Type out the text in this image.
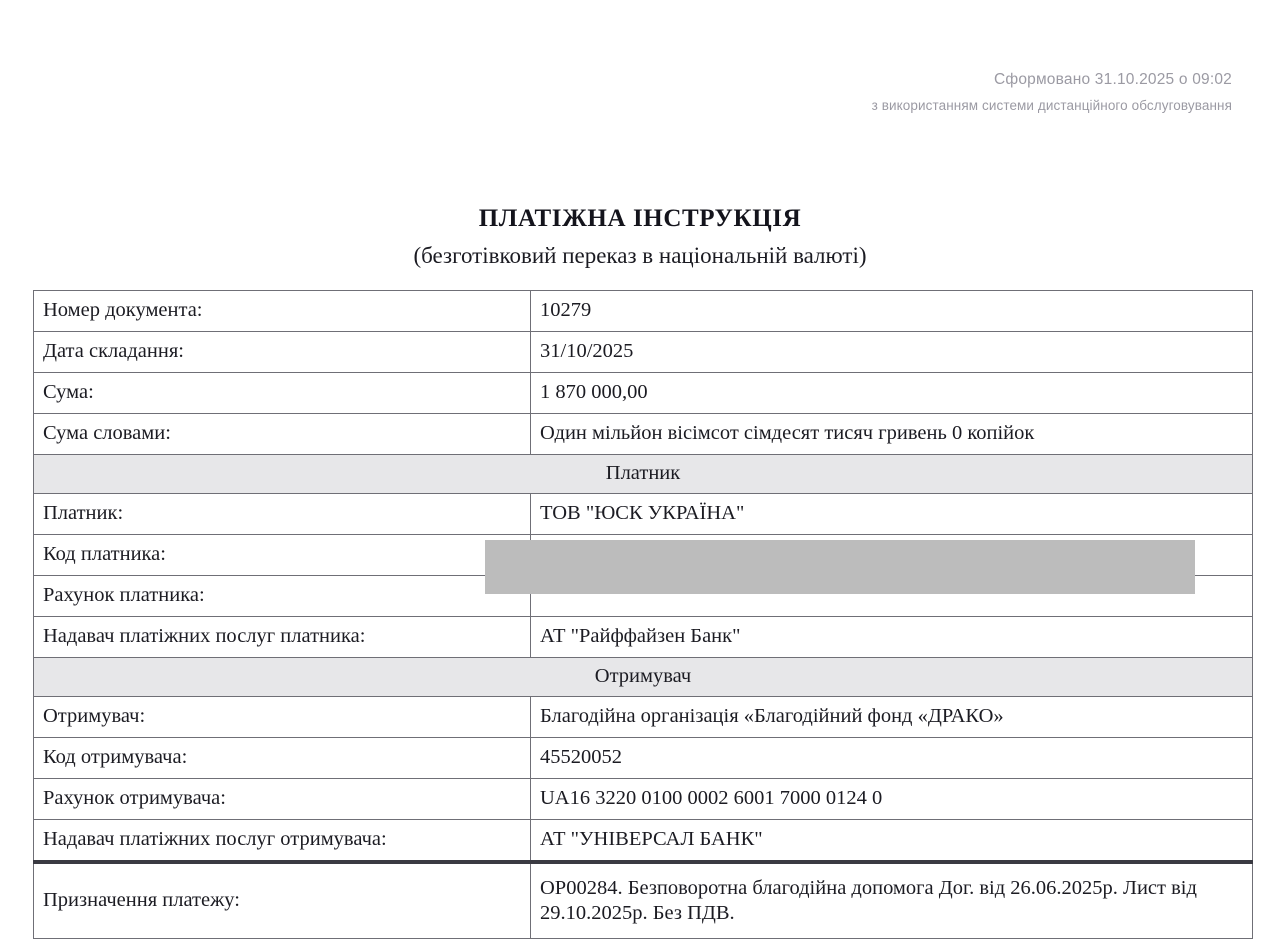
Сформовано 31.10.2025 о 09:02
з використанням системи дистанційного обслуговування
ПЛАТІЖНА ІНСТРУКЦІЯ
(безготівковий переказ в національній валюті)
Номер документа:	10279
Дата складання:	31/10/2025
Сума:	1 870 000,00
Сума словами:	Один мільйон вісімсот сімдесят тисяч гривень 0 копійок
Платник	
Платник:	ТОВ "ЮСК УКРАЇНА"
Код платника:	
Рахунок платника:	
Надавач платіжних послуг платника:	АТ "Райффайзен Банк"
Отримувач	
Отримувач:	Благодійна організація «Благодійний фонд «ДРАКО»
Код отримувача:	45520052
Рахунок отримувача:	UA16 3220 0100 0002 6001 7000 0124 0
Надавач платіжних послуг отримувача:	АТ "УНІВЕРСАЛ БАНК"
Призначення платежу:	ОР00284. Безповоротна благодійна допомога Дог. від 26.06.2025р. Лист від 29.10.2025р. Без ПДВ.
